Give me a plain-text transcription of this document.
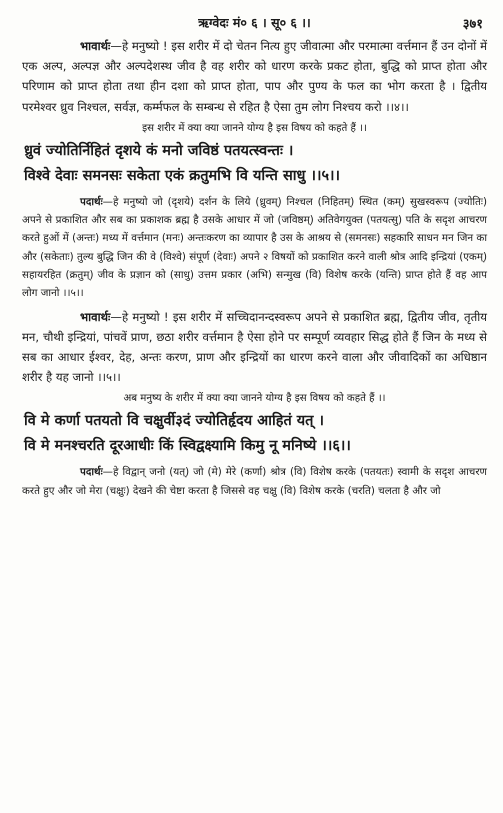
ऋग्वेदः मं० ६ । सू० ६ ।।	३७१

भावार्थः—हे मनुष्यो ! इस शरीर में दो चेतन नित्य हुए जीवात्मा और परमात्मा वर्त्तमान हैं उन दोनों में एक अल्प, अल्पज्ञ और अल्पदेशस्थ जीव है वह शरीर को धारण करके प्रकट होता, बुद्धि को प्राप्त होता और परिणाम को प्राप्त होता तथा हीन दशा को प्राप्त होता, पाप और पुण्य के फल का भोग करता है । द्वितीय परमेश्वर ध्रुव निश्चल, सर्वज्ञ, कर्म्मफल के सम्बन्ध से रहित है ऐसा तुम लोग निश्चय करो ।।४।।

इस शरीर में क्या क्या जानने योग्य है इस विषय को कहते हैं ।।

ध्रुवं ज्योतिर्निहितं दृशये कं मनो जविष्ठं पतयत्स्वन्तः ।

विश्वे देवाः समनसः सकेता एकं क्रतुमभि वि यन्ति साधु ।।५।।

पदार्थः—हे मनुष्यो जो (दृशये) दर्शन के लिये (ध्रुवम्) निश्चल (निहितम्) स्थित (कम्) सुखस्वरूप (ज्योतिः) अपने से प्रकाशित और सब का प्रकाशक ब्रह्म है उसके आधार में जो (जविष्ठम्) अतिवेगयुक्त (पतयत्सु) पति के सदृश आचरण करते हुओं में (अन्तः) मध्य में वर्त्तमान (मनः) अन्तःकरण का व्यापार है उस के आश्रय से (समनसः) सहकारि साधन मन जिन का और (सकेताः) तुल्य बुद्धि जिन की वे (विश्वे) संपूर्ण (देवाः) अपने २ विषयों को प्रकाशित करने वाली श्रोत्र आदि इन्द्रियां (एकम्) सहायरहित (क्रतुम्) जीव के प्रज्ञान को (साधु) उत्तम प्रकार (अभि) सन्मुख (वि) विशेष करके (यन्ति) प्राप्त होते हैं वह आप लोग जानो ।।५।।

भावार्थः—हे मनुष्यो ! इस शरीर में सच्चिदानन्दस्वरूप अपने से प्रकाशित ब्रह्म, द्वितीय जीव, तृतीय मन, चौथी इन्द्रियां, पांचवें प्राण, छठा शरीर वर्त्तमान है ऐसा होने पर सम्पूर्ण व्यवहार सिद्ध होते हैं जिन के मध्य से सब का आधार ईश्वर, देह, अन्तः करण, प्राण और इन्द्रियों का धारण करने वाला और जीवादिकों का अधिष्ठान शरीर है यह जानो ।।५।।

अब मनुष्य के शरीर में क्या क्या जानने योग्य है इस विषय को कहते हैं ।।

वि मे कर्णा पतयतो वि चक्षुर्वी३दं ज्योतिर्हृदय आहितं यत् ।

वि मे मनश्चरति दूरआधीः किं स्विद्वक्ष्यामि किमु नू मनिष्ये ।।६।।

पदार्थः—हे विद्वान् जनो (यत्) जो (मे) मेरे (कर्णा) श्रोत्र (वि) विशेष करके (पतयतः) स्वामी के सदृश आचरण करते हुए और जो मेरा (चक्षुः) देखने की चेष्टा करता है जिससे वह चक्षु (वि) विशेष करके (चरति) चलता है और जो
